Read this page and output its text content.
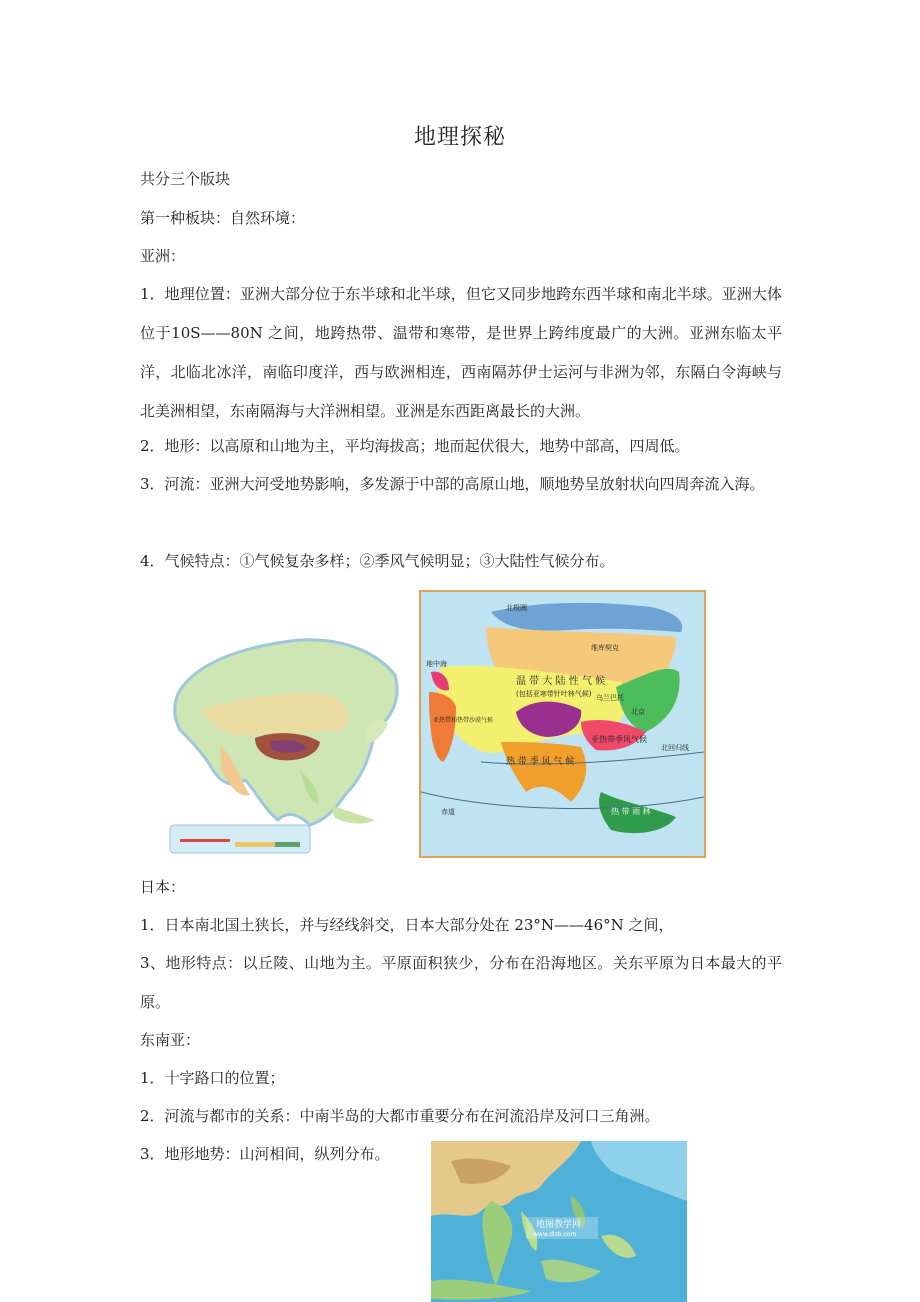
地理探秘

共分三个版块

第一种板块：自然环境：

亚洲：

1．地理位置：亚洲大部分位于东半球和北半球，但它又同步地跨东西半球和南北半球。亚洲大体位于10S——80N 之间，地跨热带、温带和寒带，是世界上跨纬度最广的大洲。亚洲东临太平洋，北临北冰洋，南临印度洋，西与欧洲相连，西南隔苏伊士运河与非洲为邻，东隔白令海峡与北美洲相望，东南隔海与大洋洲相望。亚洲是东西距离最长的大洲。

2．地形：以高原和山地为主，平均海拔高；地而起伏很大，地势中部高，四周低。

3．河流：亚洲大河受地势影响，多发源于中部的高原山地，顺地势呈放射状向四周奔流入海。

4．气候特点：①气候复杂多样；②季风气候明显；③大陆性气候分布。

温 带 大 陆 性 气 候
(包括亚寒带针叶林气候)
热 带 季 风 气 候
亚热带季风气候
热 带 雨 林
地中海
亚热带和热带沙漠气候
赤道
北回归线
北极圈
北京
乌兰巴托
维库契克

日本：

1．日本南北国土狭长，并与经线斜交，日本大部分处在 23°N——46°N 之间，

3、地形特点：以丘陵、山地为主。平原面积狭少，分布在沿海地区。关东平原为日本最大的平原。

东南亚：

1．十字路口的位置；

2．河流与都市的关系：中南半岛的大都市重要分布在河流沿岸及河口三角洲。

3．地形地势：山河相间，纵列分布。

地图教学网
www.dlzb.com
